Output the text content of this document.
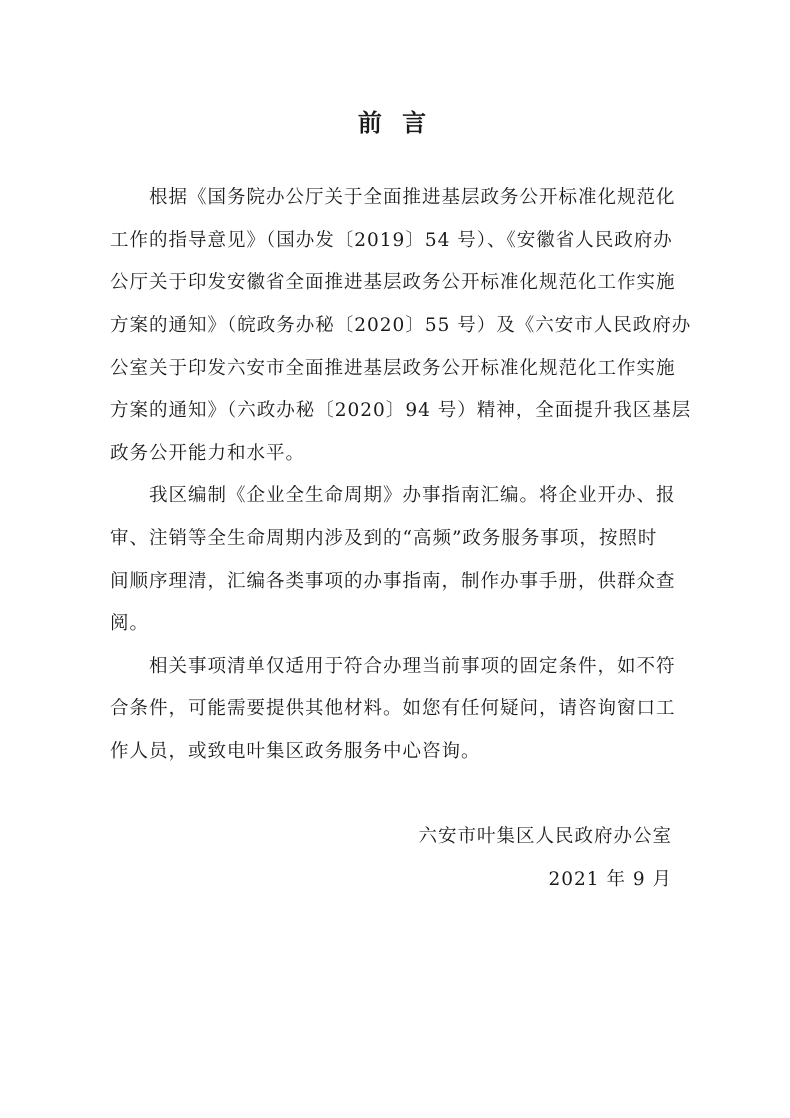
前 言

　　根据《国务院办公厅关于全面推进基层政务公开标准化规范化

工作的指导意见》（国办发〔2019〕54 号）、《安徽省人民政府办

公厅关于印发安徽省全面推进基层政务公开标准化规范化工作实施

方案的通知》（皖政务办秘〔2020〕55 号）及《六安市人民政府办

公室关于印发六安市全面推进基层政务公开标准化规范化工作实施

方案的通知》（六政办秘〔2020〕94 号）精神，全面提升我区基层

政务公开能力和水平。

　　我区编制《企业全生命周期》办事指南汇编。将企业开办、报

审、注销等全生命周期内涉及到的“高频”政务服务事项，按照时

间顺序理清，汇编各类事项的办事指南，制作办事手册，供群众查

阅。

　　相关事项清单仅适用于符合办理当前事项的固定条件，如不符

合条件，可能需要提供其他材料。如您有任何疑问，请咨询窗口工

作人员，或致电叶集区政务服务中心咨询。

六安市叶集区人民政府办公室

2021 年 9 月
